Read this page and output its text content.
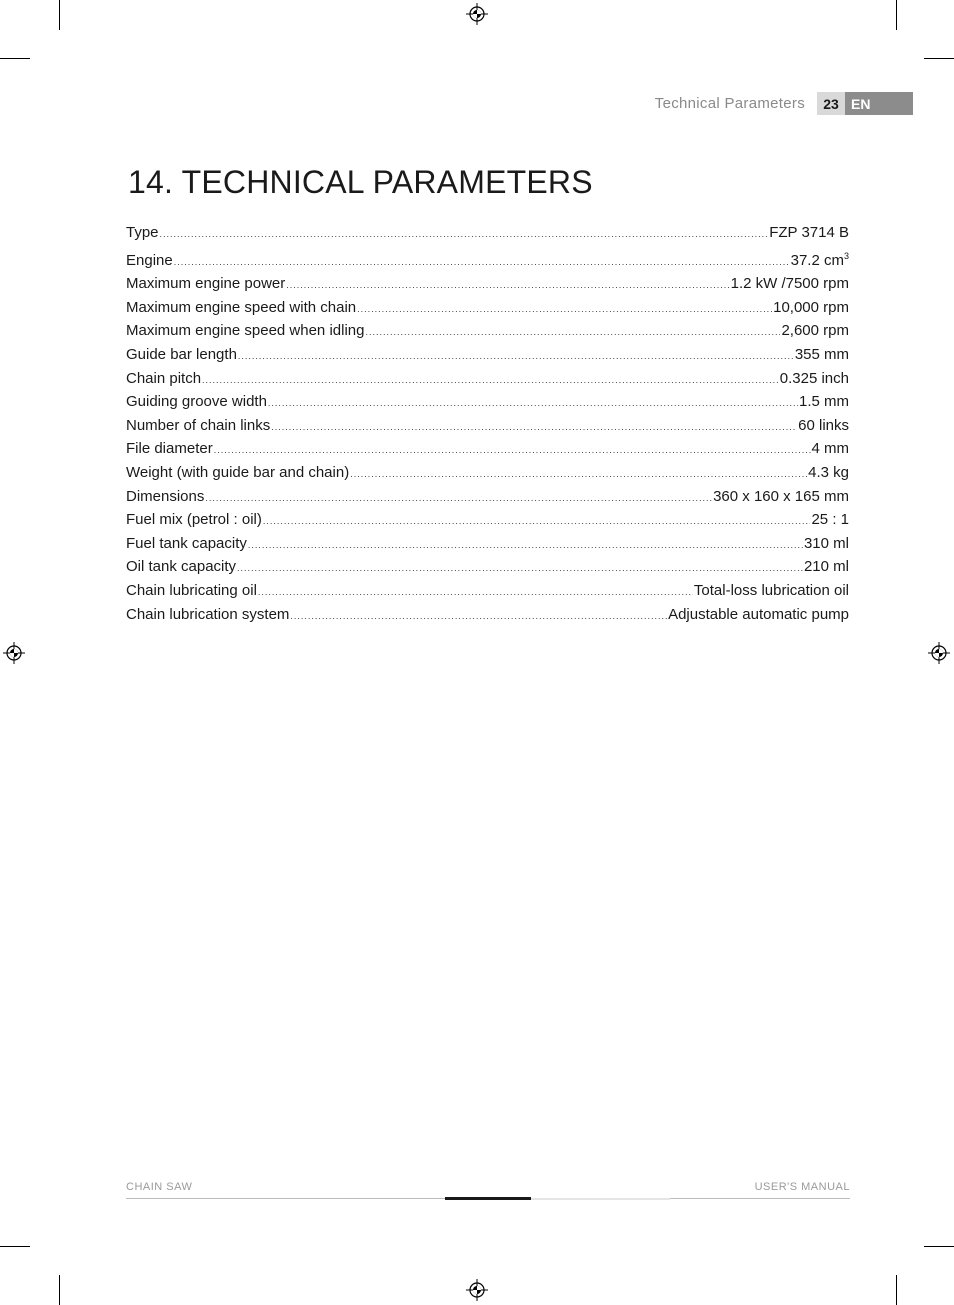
Technical Parameters	23 EN
14. TECHNICAL PARAMETERS
Type .....	FZP 3714 B
Engine .....	37.2 $cm^3$
Maximum engine power .....	1.2 kW /7500 rpm
Maximum engine speed with chain .....	10,000 rpm
Maximum engine speed when idling .....	2,600 rpm
Guide bar length .....	355 mm
Chain pitch .....	0.325 inch
Guiding groove width .....	1.5 mm
Number of chain links .....	60 links
File diameter .....	4 mm
Weight (with guide bar and chain) .....	4.3 kg
Dimensions .....	360 x 160 x 165 mm
Fuel mix (petrol : oil) .....	25 : 1
Fuel tank capacity .....	310 ml
Oil tank capacity .....	210 ml
Chain lubricating oil .....	Total-loss lubrication oil
Chain lubrication system .....	Adjustable automatic pump
CHAIN SAW	USER'S MANUAL
